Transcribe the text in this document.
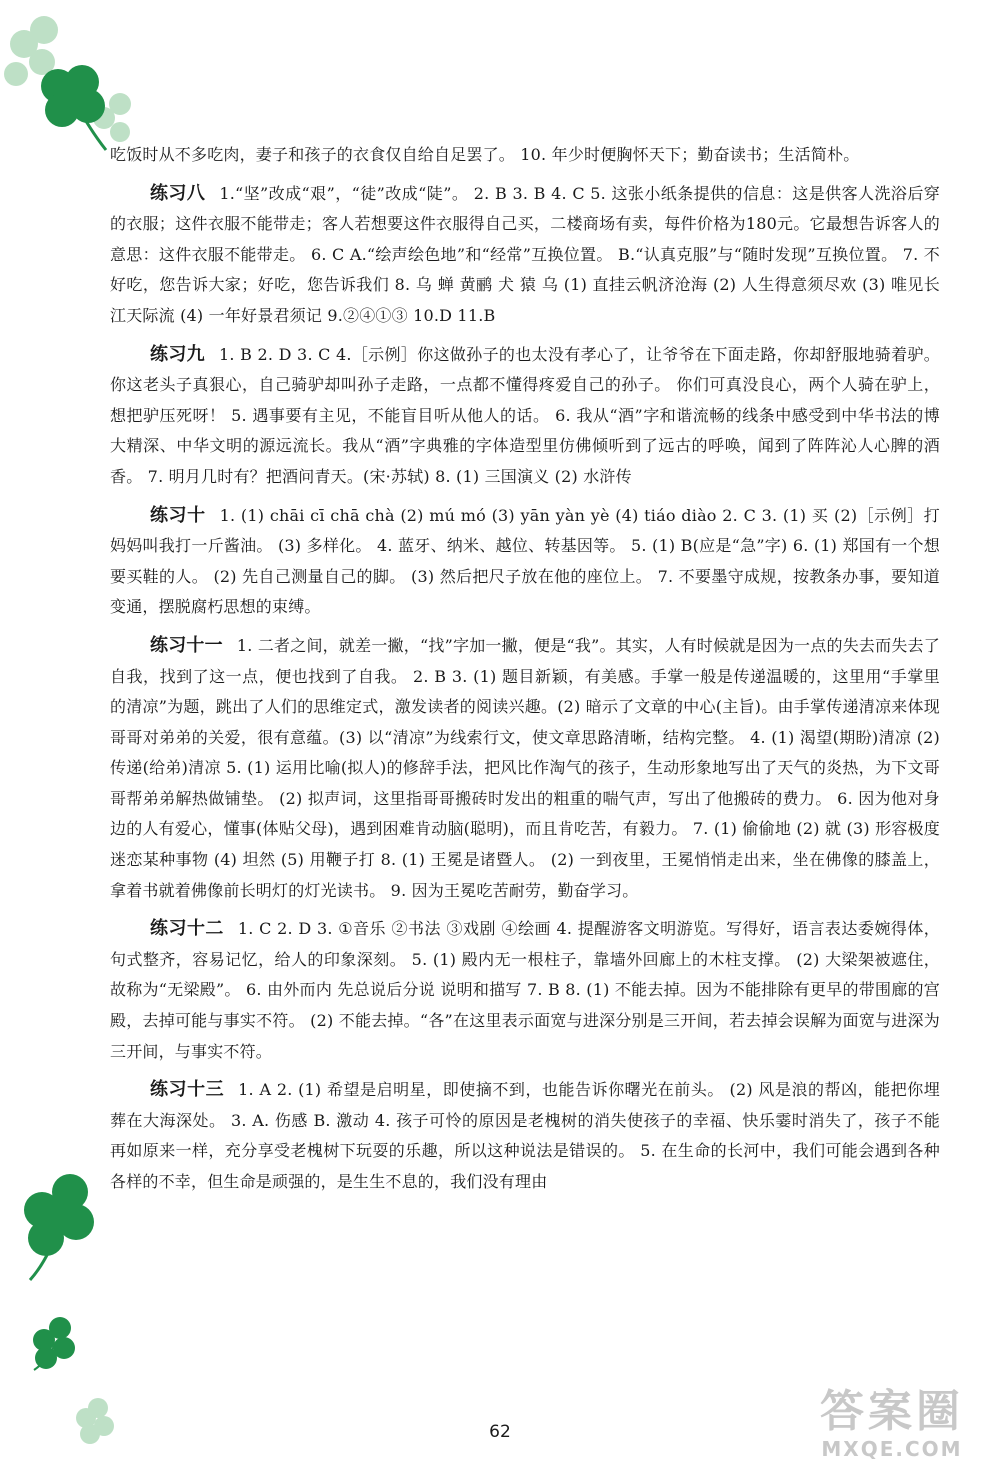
吃饭时从不多吃肉，妻子和孩子的衣食仅自给自足罢了。 10. 年少时便胸怀天下；勤奋读书；生活简朴。

练习八 1.“坚”改成“艰”，“徒”改成“陡”。 2. B 3. B 4. C 5. 这张小纸条提供的信息：这是供客人洗浴后穿的衣服；这件衣服不能带走；客人若想要这件衣服得自己买，二楼商场有卖，每件价格为180元。它最想告诉客人的意思：这件衣服不能带走。 6. C A.“绘声绘色地”和“经常”互换位置。 B.“认真克服”与“随时发现”互换位置。 7. 不好吃，您告诉大家；好吃，您告诉我们 8. 乌 蝉 黄鹂 犬 猿 乌 (1) 直挂云帆济沧海 (2) 人生得意须尽欢 (3) 唯见长江天际流 (4) 一年好景君须记 9.②④①③ 10.D 11.B

练习九 1. B 2. D 3. C 4.［示例］你这做孙子的也太没有孝心了，让爷爷在下面走路，你却舒服地骑着驴。 你这老头子真狠心，自己骑驴却叫孙子走路，一点都不懂得疼爱自己的孙子。 你们可真没良心，两个人骑在驴上，想把驴压死呀！ 5. 遇事要有主见，不能盲目听从他人的话。 6. 我从“酒”字和谐流畅的线条中感受到中华书法的博大精深、中华文明的源远流长。我从“酒”字典雅的字体造型里仿佛倾听到了远古的呼唤，闻到了阵阵沁人心脾的酒香。 7. 明月几时有？把酒问青天。(宋·苏轼) 8. (1) 三国演义 (2) 水浒传

练习十 1. (1) chāi cī chā chà (2) mú mó (3) yān yàn yè (4) tiáo diào 2. C 3. (1) 买 (2)［示例］打 妈妈叫我打一斤酱油。 (3) 多样化。 4. 蓝牙、纳米、越位、转基因等。 5. (1) B(应是“急”字) 6. (1) 郑国有一个想要买鞋的人。 (2) 先自己测量自己的脚。 (3) 然后把尺子放在他的座位上。 7. 不要墨守成规，按教条办事，要知道变通，摆脱腐朽思想的束缚。

练习十一 1. 二者之间，就差一撇，“找”字加一撇，便是“我”。其实，人有时候就是因为一点的失去而失去了自我，找到了这一点，便也找到了自我。 2. B 3. (1) 题目新颖，有美感。手掌一般是传递温暖的，这里用“手掌里的清凉”为题，跳出了人们的思维定式，激发读者的阅读兴趣。(2) 暗示了文章的中心(主旨)。由手掌传递清凉来体现哥哥对弟弟的关爱，很有意蕴。(3) 以“清凉”为线索行文，使文章思路清晰，结构完整。 4. (1) 渴望(期盼)清凉 (2) 传递(给弟)清凉 5. (1) 运用比喻(拟人)的修辞手法，把风比作淘气的孩子，生动形象地写出了天气的炎热，为下文哥哥帮弟弟解热做铺垫。 (2) 拟声词，这里指哥哥搬砖时发出的粗重的喘气声，写出了他搬砖的费力。 6. 因为他对身边的人有爱心，懂事(体贴父母)，遇到困难肯动脑(聪明)，而且肯吃苦，有毅力。 7. (1) 偷偷地 (2) 就 (3) 形容极度迷恋某种事物 (4) 坦然 (5) 用鞭子打 8. (1) 王冕是诸暨人。 (2) 一到夜里，王冕悄悄走出来，坐在佛像的膝盖上，拿着书就着佛像前长明灯的灯光读书。 9. 因为王冕吃苦耐劳，勤奋学习。

练习十二 1. C 2. D 3. ①音乐 ②书法 ③戏剧 ④绘画 4. 提醒游客文明游览。写得好，语言表达委婉得体，句式整齐，容易记忆，给人的印象深刻。 5. (1) 殿内无一根柱子，靠墙外回廊上的木柱支撑。 (2) 大梁架被遮住，故称为“无梁殿”。 6. 由外而内 先总说后分说 说明和描写 7. B 8. (1) 不能去掉。因为不能排除有更早的带围廊的宫殿，去掉可能与事实不符。 (2) 不能去掉。“各”在这里表示面宽与进深分别是三开间，若去掉会误解为面宽与进深为三开间，与事实不符。

练习十三 1. A 2. (1) 希望是启明星，即使摘不到，也能告诉你曙光在前头。 (2) 风是浪的帮凶，能把你埋葬在大海深处。 3. A. 伤感 B. 激动 4. 孩子可怜的原因是老槐树的消失使孩子的幸福、快乐霎时消失了，孩子不能再如原来一样，充分享受老槐树下玩耍的乐趣，所以这种说法是错误的。 5. 在生命的长河中，我们可能会遇到各种各样的不幸，但生命是顽强的，是生生不息的，我们没有理由

62	答案圈
MXQE.COM
